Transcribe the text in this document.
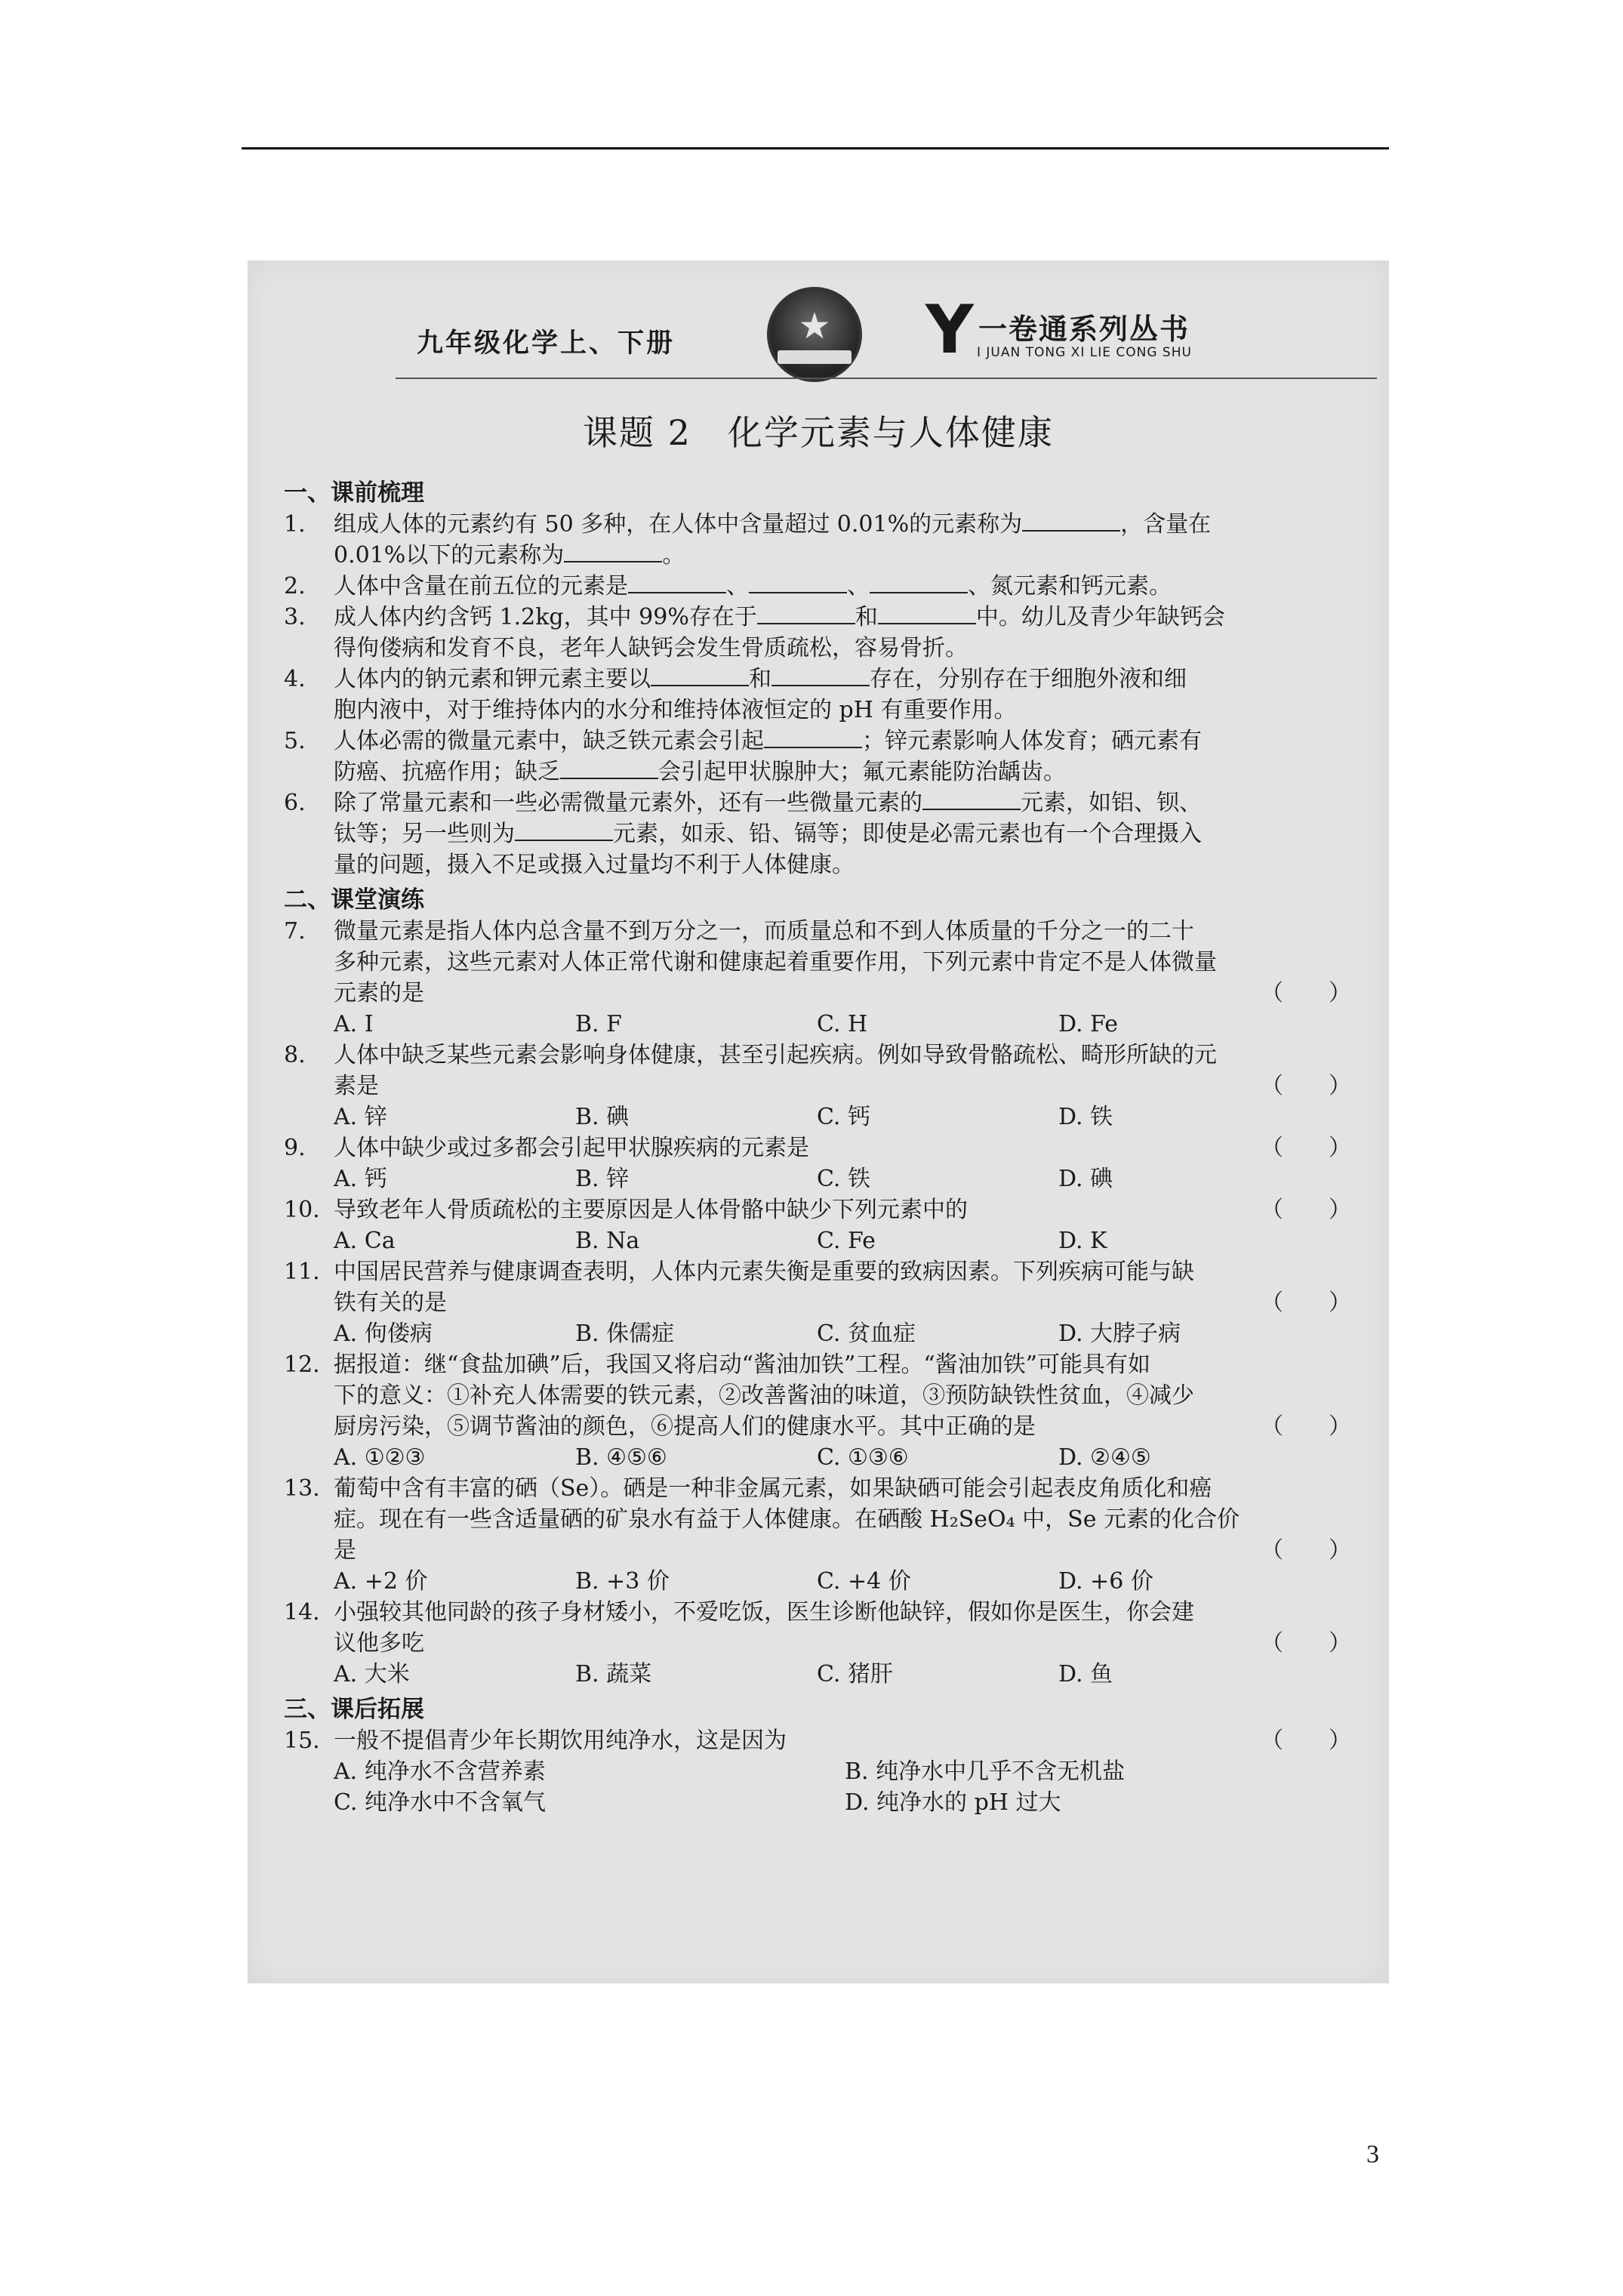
九年级化学上、下册	★	Y 一卷通系列丛书
I JUAN TONG XI LIE CONG SHU
课题 2　化学元素与人体健康
一、课前梳理
1. 组成人体的元素约有 50 多种，在人体中含量超过 0.01%的元素称为	，含量在
0.01%以下的元素称为	。
2. 人体中含量在前五位的元素是	、	、	、氮元素和钙元素。
3. 成人体内约含钙 1.2kg，其中 99%存在于	和	中。幼儿及青少年缺钙会
得佝偻病和发育不良，老年人缺钙会发生骨质疏松，容易骨折。
4. 人体内的钠元素和钾元素主要以	和	存在，分别存在于细胞外液和细
胞内液中，对于维持体内的水分和维持体液恒定的 pH 有重要作用。
5. 人体必需的微量元素中，缺乏铁元素会引起	；锌元素影响人体发育；硒元素有
防癌、抗癌作用；缺乏	会引起甲状腺肿大；氟元素能防治龋齿。
6. 除了常量元素和一些必需微量元素外，还有一些微量元素的	元素，如铝、钡、
钛等；另一些则为	元素，如汞、铅、镉等；即使是必需元素也有一个合理摄入
量的问题，摄入不足或摄入过量均不利于人体健康。
二、课堂演练
7. 微量元素是指人体内总含量不到万分之一，而质量总和不到人体质量的千分之一的二十
多种元素，这些元素对人体正常代谢和健康起着重要作用，下列元素中肯定不是人体微量
元素的是	（　　）
A. I	B. F	C. H	D. Fe
8. 人体中缺乏某些元素会影响身体健康，甚至引起疾病。例如导致骨骼疏松、畸形所缺的元
素是	（　　）
A. 锌	B. 碘	C. 钙	D. 铁
9. 人体中缺少或过多都会引起甲状腺疾病的元素是	（　　）
A. 钙	B. 锌	C. 铁	D. 碘
10. 导致老年人骨质疏松的主要原因是人体骨骼中缺少下列元素中的	（　　）
A. Ca	B. Na	C. Fe	D. K
11. 中国居民营养与健康调查表明，人体内元素失衡是重要的致病因素。下列疾病可能与缺
铁有关的是	（　　）
A. 佝偻病	B. 侏儒症	C. 贫血症	D. 大脖子病
12. 据报道：继“食盐加碘”后，我国又将启动“酱油加铁”工程。“酱油加铁”可能具有如
下的意义：①补充人体需要的铁元素，②改善酱油的味道，③预防缺铁性贫血，④减少
厨房污染，⑤调节酱油的颜色，⑥提高人们的健康水平。其中正确的是	（　　）
A. ①②③	B. ④⑤⑥	C. ①③⑥	D. ②④⑤
13. 葡萄中含有丰富的硒（Se）。硒是一种非金属元素，如果缺硒可能会引起表皮角质化和癌
症。现在有一些含适量硒的矿泉水有益于人体健康。在硒酸 H₂SeO₄ 中，Se 元素的化合价
是	（　　）
A. +2 价	B. +3 价	C. +4 价	D. +6 价
14. 小强较其他同龄的孩子身材矮小，不爱吃饭，医生诊断他缺锌，假如你是医生，你会建
议他多吃	（　　）
A. 大米	B. 蔬菜	C. 猪肝	D. 鱼
三、课后拓展
15. 一般不提倡青少年长期饮用纯净水，这是因为	（　　）
A. 纯净水不含营养素	B. 纯净水中几乎不含无机盐
C. 纯净水中不含氧气	D. 纯净水的 pH 过大
3
